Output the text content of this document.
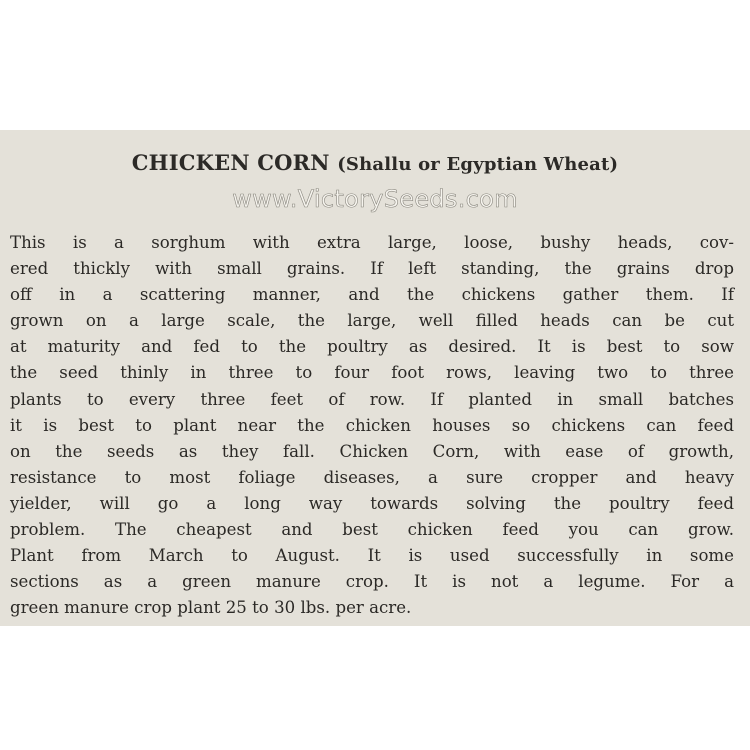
CHICKEN CORN (Shallu or Egyptian Wheat)
www.VictorySeeds.com

This is a sorghum with extra large, loose, bushy heads, cov-
ered thickly with small grains. If left standing, the grains drop
off in a scattering manner, and the chickens gather them. If
grown on a large scale, the large, well filled heads can be cut
at maturity and fed to the poultry as desired. It is best to sow
the seed thinly in three to four foot rows, leaving two to three
plants to every three feet of row. If planted in small batches
it is best to plant near the chicken houses so chickens can feed
on the seeds as they fall. Chicken Corn, with ease of growth,
resistance to most foliage diseases, a sure cropper and heavy
yielder, will go a long way towards solving the poultry feed
problem. The cheapest and best chicken feed you can grow.
Plant from March to August. It is used successfully in some
sections as a green manure crop. It is not a legume. For a
green manure crop plant 25 to 30 lbs. per acre.
